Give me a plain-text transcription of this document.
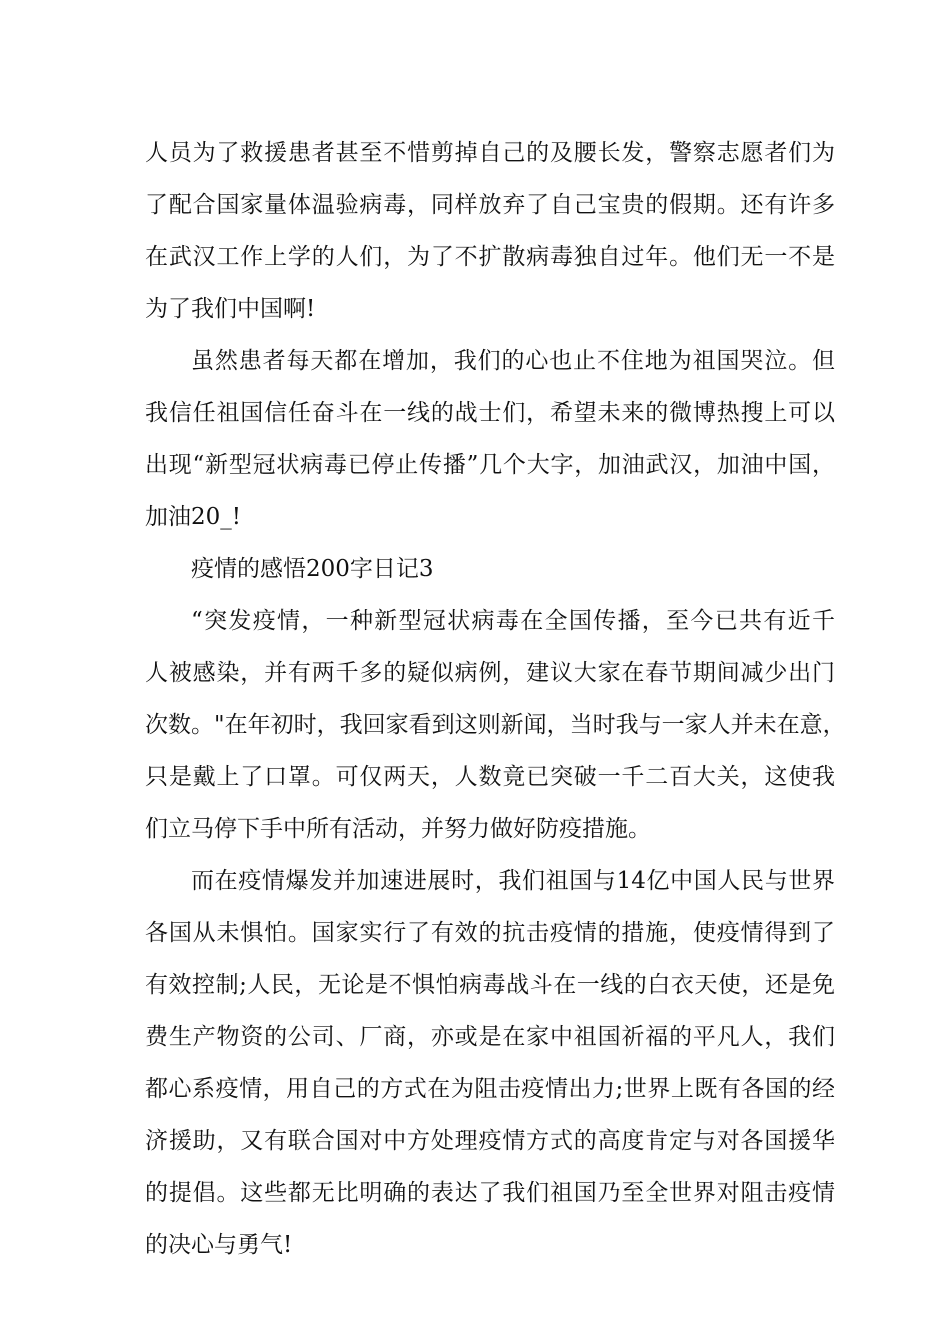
人员为了救援患者甚至不惜剪掉自己的及腰长发，警察志愿者们为
了配合国家量体温验病毒，同样放弃了自己宝贵的假期。还有许多
在武汉工作上学的人们，为了不扩散病毒独自过年。他们无一不是
为了我们中国啊!
虽然患者每天都在增加，我们的心也止不住地为祖国哭泣。但
我信任祖国信任奋斗在一线的战士们，希望未来的微博热搜上可以
出现“新型冠状病毒已停止传播”几个大字，加油武汉，加油中国，
加油20_!
疫情的感悟200字日记3
“突发疫情，一种新型冠状病毒在全国传播，至今已共有近千
人被感染，并有两千多的疑似病例，建议大家在春节期间减少出门
次数。"在年初时，我回家看到这则新闻，当时我与一家人并未在意，
只是戴上了口罩。可仅两天，人数竟已突破一千二百大关，这使我
们立马停下手中所有活动，并努力做好防疫措施。
而在疫情爆发并加速进展时，我们祖国与14亿中国人民与世界
各国从未惧怕。国家实行了有效的抗击疫情的措施，使疫情得到了
有效控制;人民，无论是不惧怕病毒战斗在一线的白衣天使，还是免
费生产物资的公司、厂商，亦或是在家中祖国祈福的平凡人，我们
都心系疫情，用自己的方式在为阻击疫情出力;世界上既有各国的经
济援助，又有联合国对中方处理疫情方式的高度肯定与对各国援华
的提倡。这些都无比明确的表达了我们祖国乃至全世界对阻击疫情
的决心与勇气!
